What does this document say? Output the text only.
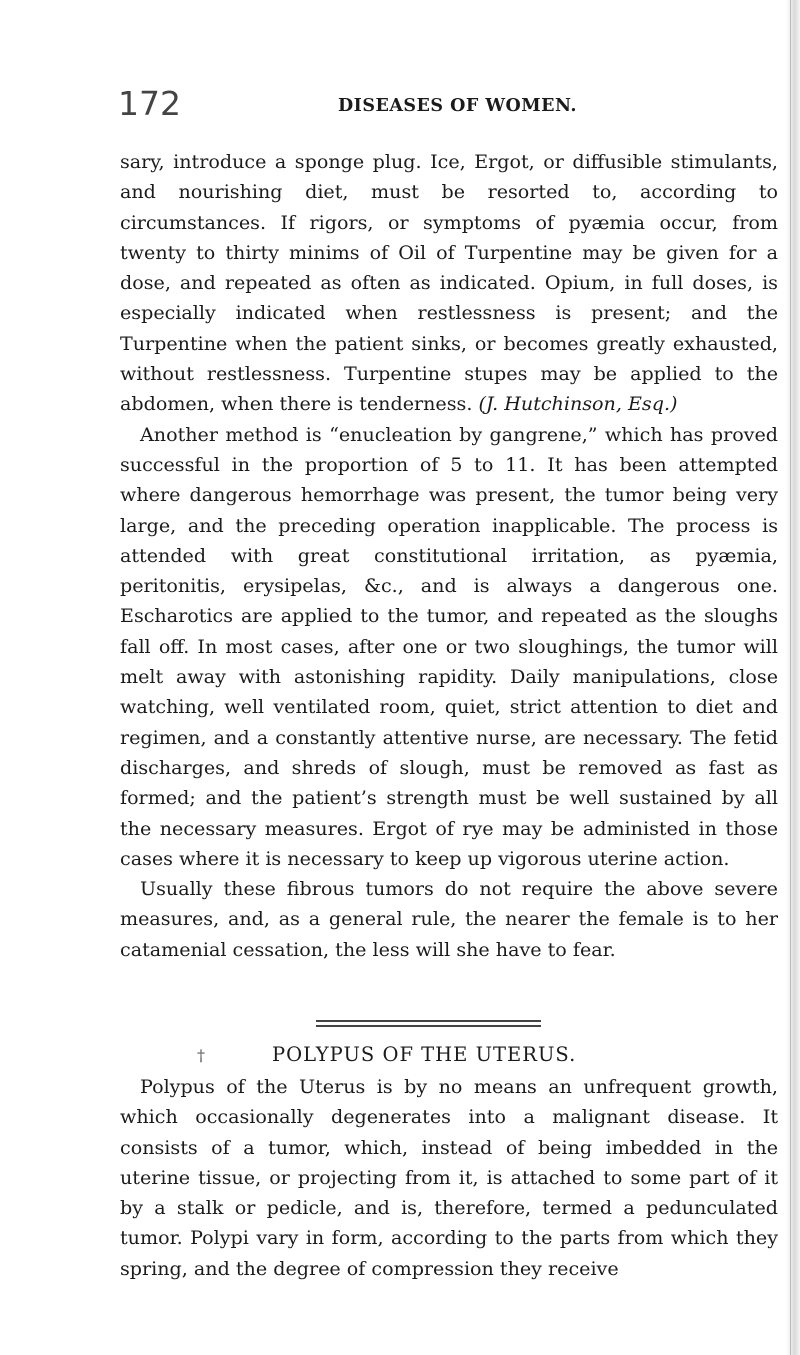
172	DISEASES OF WOMEN.

sary, introduce a sponge plug. Ice, Ergot, or diffusible stimulants, and nourishing diet, must be resorted to, according to circumstances. If rigors, or symptoms of pyæmia occur, from twenty to thirty minims of Oil of Turpentine may be given for a dose, and repeated as often as indicated. Opium, in full doses, is especially indicated when restlessness is present; and the Turpentine when the patient sinks, or becomes greatly exhausted, without restlessness. Turpentine stupes may be applied to the abdomen, when there is tenderness. (J. Hutchinson, Esq.)

Another method is “enucleation by gangrene,” which has proved successful in the proportion of 5 to 11. It has been attempted where dangerous hemorrhage was present, the tumor being very large, and the preceding operation inapplicable. The process is attended with great constitutional irritation, as pyæmia, peritonitis, erysipelas, &c., and is always a dangerous one. Escharotics are applied to the tumor, and repeated as the sloughs fall off. In most cases, after one or two sloughings, the tumor will melt away with astonishing rapidity. Daily manipulations, close watching, well ventilated room, quiet, strict attention to diet and regimen, and a constantly attentive nurse, are necessary. The fetid discharges, and shreds of slough, must be removed as fast as formed; and the patient’s strength must be well sustained by all the necessary measures. Ergot of rye may be administed in those cases where it is necessary to keep up vigorous uterine action.

Usually these fibrous tumors do not require the above severe measures, and, as a general rule, the nearer the female is to her catamenial cessation, the less will she have to fear.

†	POLYPUS OF THE UTERUS.

Polypus of the Uterus is by no means an unfrequent growth, which occasionally degenerates into a malignant disease. It consists of a tumor, which, instead of being imbedded in the uterine tissue, or projecting from it, is attached to some part of it by a stalk or pedicle, and is, therefore, termed a pedunculated tumor. Polypi vary in form, according to the parts from which they spring, and the degree of compression they receive
